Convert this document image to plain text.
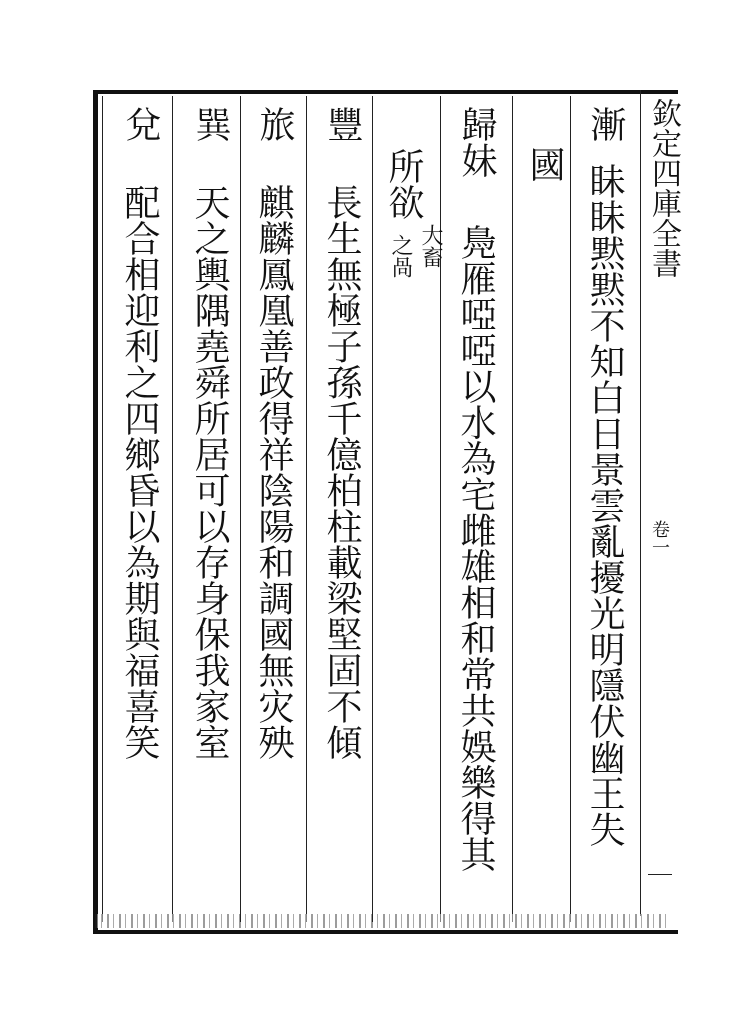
欽定四庫全書
卷一
漸
眛眛黙黙不知白日景雲亂擾光明隱伏幽王失
國
歸妹
鳧雁啞啞以水為宅雌雄相和常共娛樂得其
所欲
大畜
之咼
豐
長生無極子孫千億柏柱載梁堅固不傾
旅
麒麟鳳凰善政得祥陰陽和調國無灾殃
巽
天之輿隅堯舜所居可以存身保我家室
兌
配合相迎利之四鄉昏以為期與福喜笑
